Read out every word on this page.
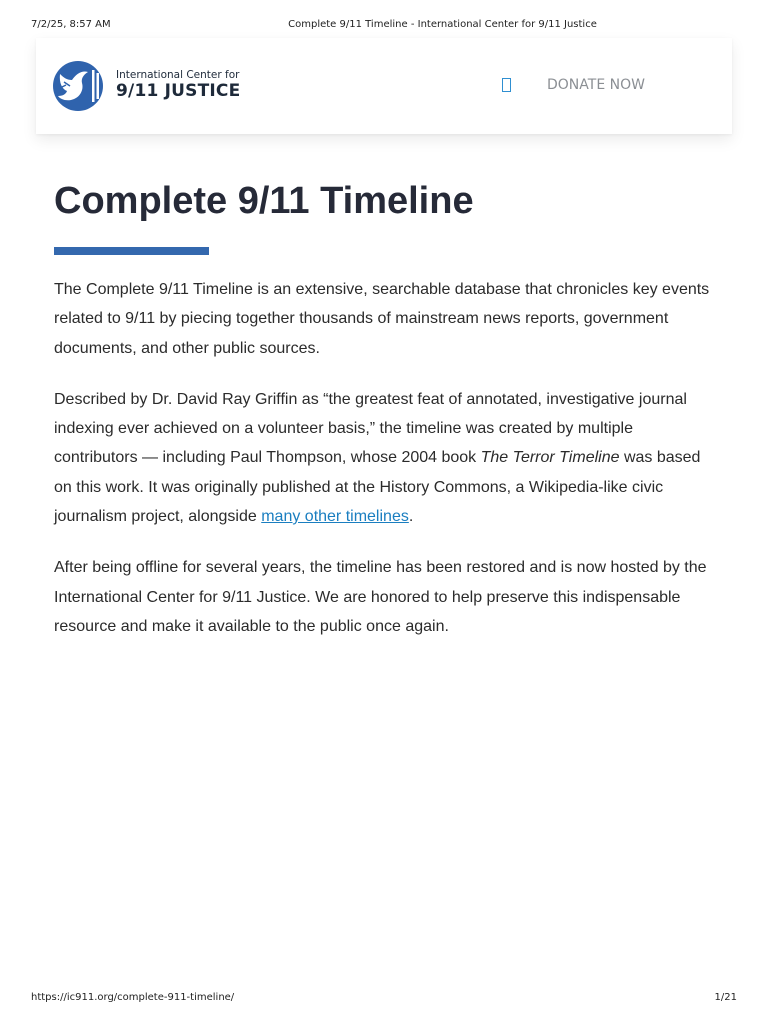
7/2/25, 8:57 AM	Complete 9/11 Timeline - International Center for 9/11 Justice
International Center for
9/11 JUSTICE	DONATE NOW
Complete 9/11 Timeline

The Complete 9/11 Timeline is an extensive, searchable database that chronicles key events related to 9/11 by piecing together thousands of mainstream news reports, government documents, and other public sources.

Described by Dr. David Ray Griffin as “the greatest feat of annotated, investigative journal indexing ever achieved on a volunteer basis,” the timeline was created by multiple contributors — including Paul Thompson, whose 2004 book The Terror Timeline was based on this work. It was originally published at the History Commons, a Wikipedia-like civic journalism project, alongside many other timelines.

After being offline for several years, the timeline has been restored and is now hosted by the International Center for 9/11 Justice. We are honored to help preserve this indispensable resource and make it available to the public once again.

https://ic911.org/complete-911-timeline/	1/21
